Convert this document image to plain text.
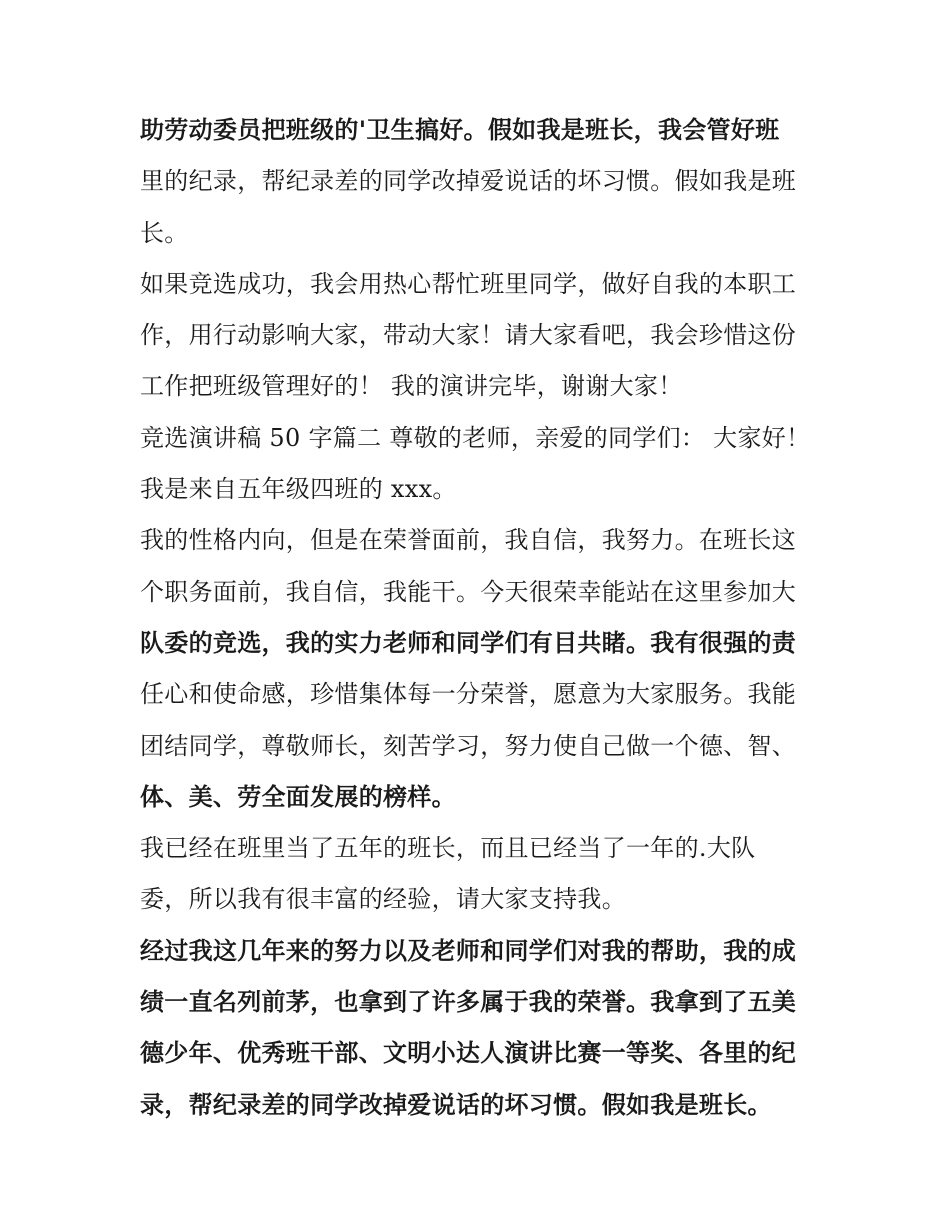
助劳动委员把班级的'卫生搞好。假如我是班长，我会管好班
里的纪录，帮纪录差的同学改掉爱说话的坏习惯。假如我是班
长。
如果竞选成功，我会用热心帮忙班里同学，做好自我的本职工
作，用行动影响大家，带动大家！请大家看吧，我会珍惜这份
工作把班级管理好的！ 我的演讲完毕，谢谢大家！
竞选演讲稿 50 字篇二 尊敬的老师，亲爱的同学们： 大家好！
我是来自五年级四班的 xxx。
我的性格内向，但是在荣誉面前，我自信，我努力。在班长这
个职务面前，我自信，我能干。今天很荣幸能站在这里参加大
队委的竞选，我的实力老师和同学们有目共睹。我有很强的责
任心和使命感，珍惜集体每一分荣誉，愿意为大家服务。我能
团结同学，尊敬师长，刻苦学习，努力使自己做一个德、智、
体、美、劳全面发展的榜样。
我已经在班里当了五年的班长，而且已经当了一年的.大队
委，所以我有很丰富的经验，请大家支持我。
经过我这几年来的努力以及老师和同学们对我的帮助，我的成
绩一直名列前茅，也拿到了许多属于我的荣誉。我拿到了五美
德少年、优秀班干部、文明小达人演讲比赛一等奖、各里的纪
录，帮纪录差的同学改掉爱说话的坏习惯。假如我是班长。
